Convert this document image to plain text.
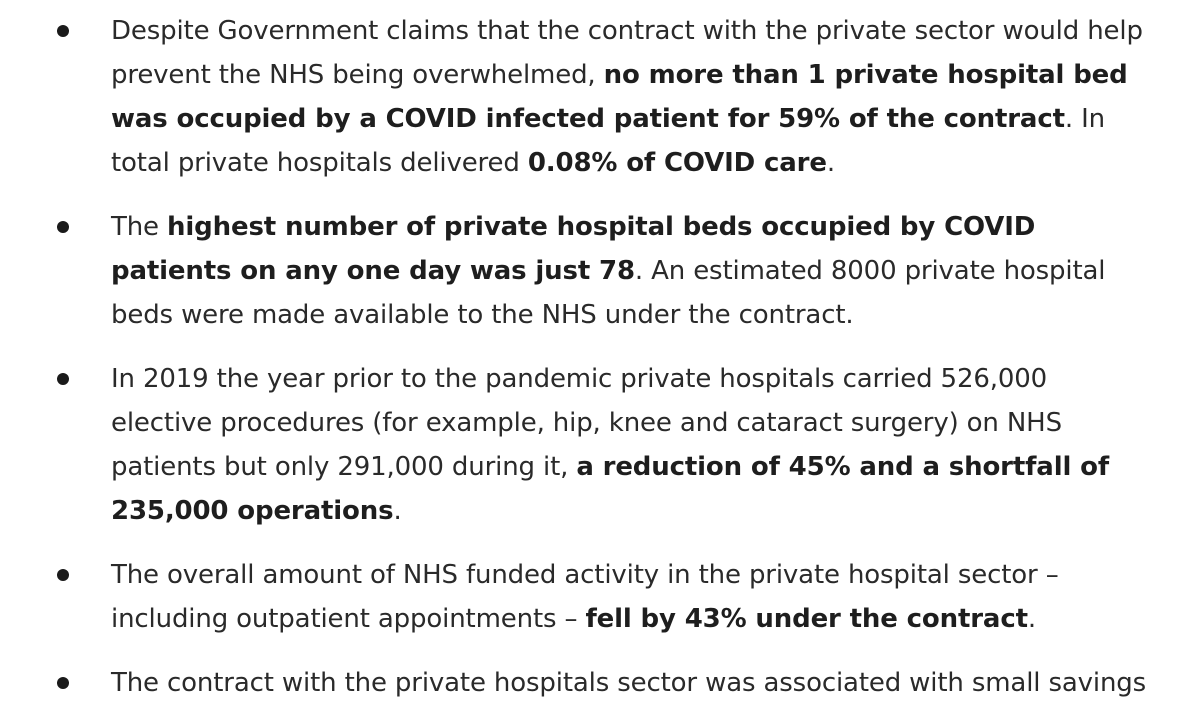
Despite Government claims that the contract with the private sector would help prevent the NHS being overwhelmed, no more than 1 private hospital bed was occupied by a COVID infected patient for 59% of the contract. In total private hospitals delivered 0.08% of COVID care.
The highest number of private hospital beds occupied by COVID patients on any one day was just 78. An estimated 8000 private hospital beds were made available to the NHS under the contract.
In 2019 the year prior to the pandemic private hospitals carried 526,000 elective procedures (for example, hip, knee and cataract surgery) on NHS patients but only 291,000 during it, a reduction of 45% and a shortfall of 235,000 operations.
The overall amount of NHS funded activity in the private hospital sector – including outpatient appointments – fell by 43% under the contract.
The contract with the private hospitals sector was associated with small savings
